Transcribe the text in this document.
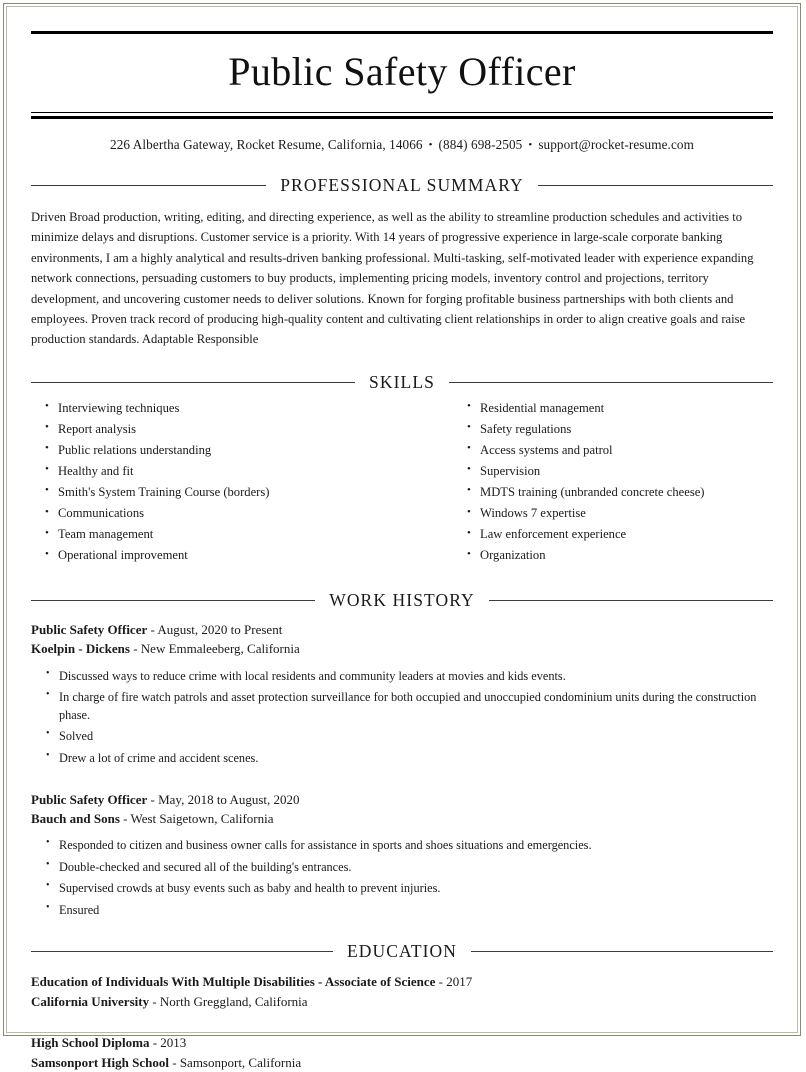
Public Safety Officer
226 Albertha Gateway, Rocket Resume, California, 14066 • (884) 698-2505 • support@rocket-resume.com
PROFESSIONAL SUMMARY
Driven Broad production, writing, editing, and directing experience, as well as the ability to streamline production schedules and activities to minimize delays and disruptions. Customer service is a priority. With 14 years of progressive experience in large-scale corporate banking environments, I am a highly analytical and results-driven banking professional. Multi-tasking, self-motivated leader with experience expanding network connections, persuading customers to buy products, implementing pricing models, inventory control and projections, territory development, and uncovering customer needs to deliver solutions. Known for forging profitable business partnerships with both clients and employees. Proven track record of producing high-quality content and cultivating client relationships in order to align creative goals and raise production standards. Adaptable Responsible
SKILLS
• Interviewing techniques
• Report analysis
• Public relations understanding
• Healthy and fit
• Smith's System Training Course (borders)
• Communications
• Team management
• Operational improvement
• Residential management
• Safety regulations
• Access systems and patrol
• Supervision
• MDTS training (unbranded concrete cheese)
• Windows 7 expertise
• Law enforcement experience
• Organization
WORK HISTORY
Public Safety Officer - August, 2020 to Present
Koelpin - Dickens - New Emmaleeberg, California
• Discussed ways to reduce crime with local residents and community leaders at movies and kids events.
• In charge of fire watch patrols and asset protection surveillance for both occupied and unoccupied condominium units during the construction phase.
• Solved
• Drew a lot of crime and accident scenes.
Public Safety Officer - May, 2018 to August, 2020
Bauch and Sons - West Saigetown, California
• Responded to citizen and business owner calls for assistance in sports and shoes situations and emergencies.
• Double-checked and secured all of the building's entrances.
• Supervised crowds at busy events such as baby and health to prevent injuries.
• Ensured
EDUCATION
Education of Individuals With Multiple Disabilities - Associate of Science - 2017
California University - North Greggland, California
High School Diploma - 2013
Samsonport High School - Samsonport, California
